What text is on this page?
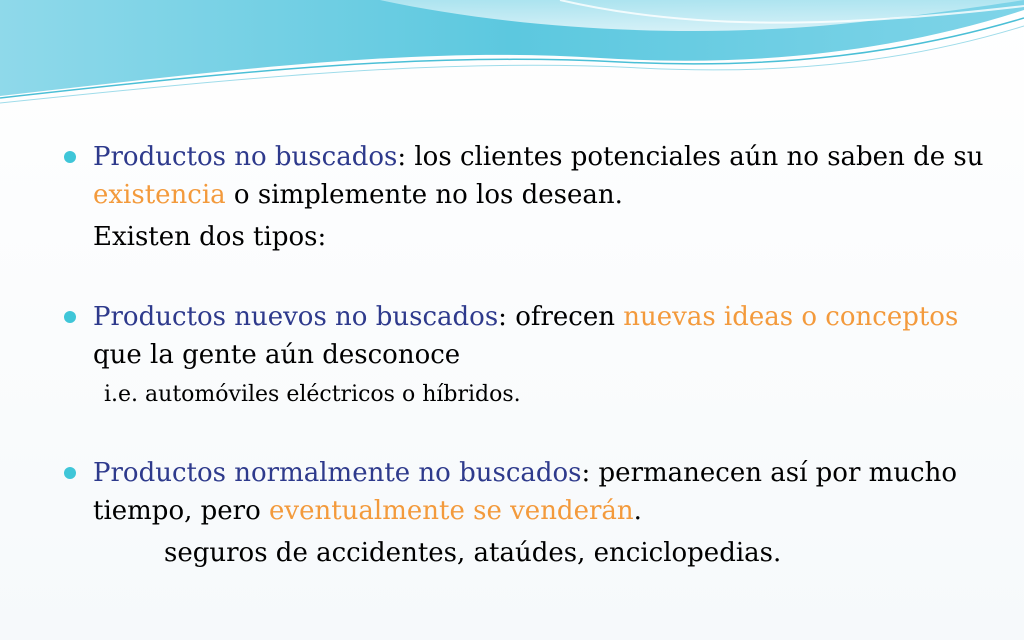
Productos no buscados: los clientes potenciales aún no saben de su existencia o simplemente no los desean.
Existen dos tipos:
Productos nuevos no buscados: ofrecen nuevas ideas o conceptos que la gente aún desconoce
i.e. automóviles eléctricos o híbridos.
Productos normalmente no buscados: permanecen así por mucho tiempo, pero eventualmente se venderán.
seguros de accidentes, ataúdes, enciclopedias.
